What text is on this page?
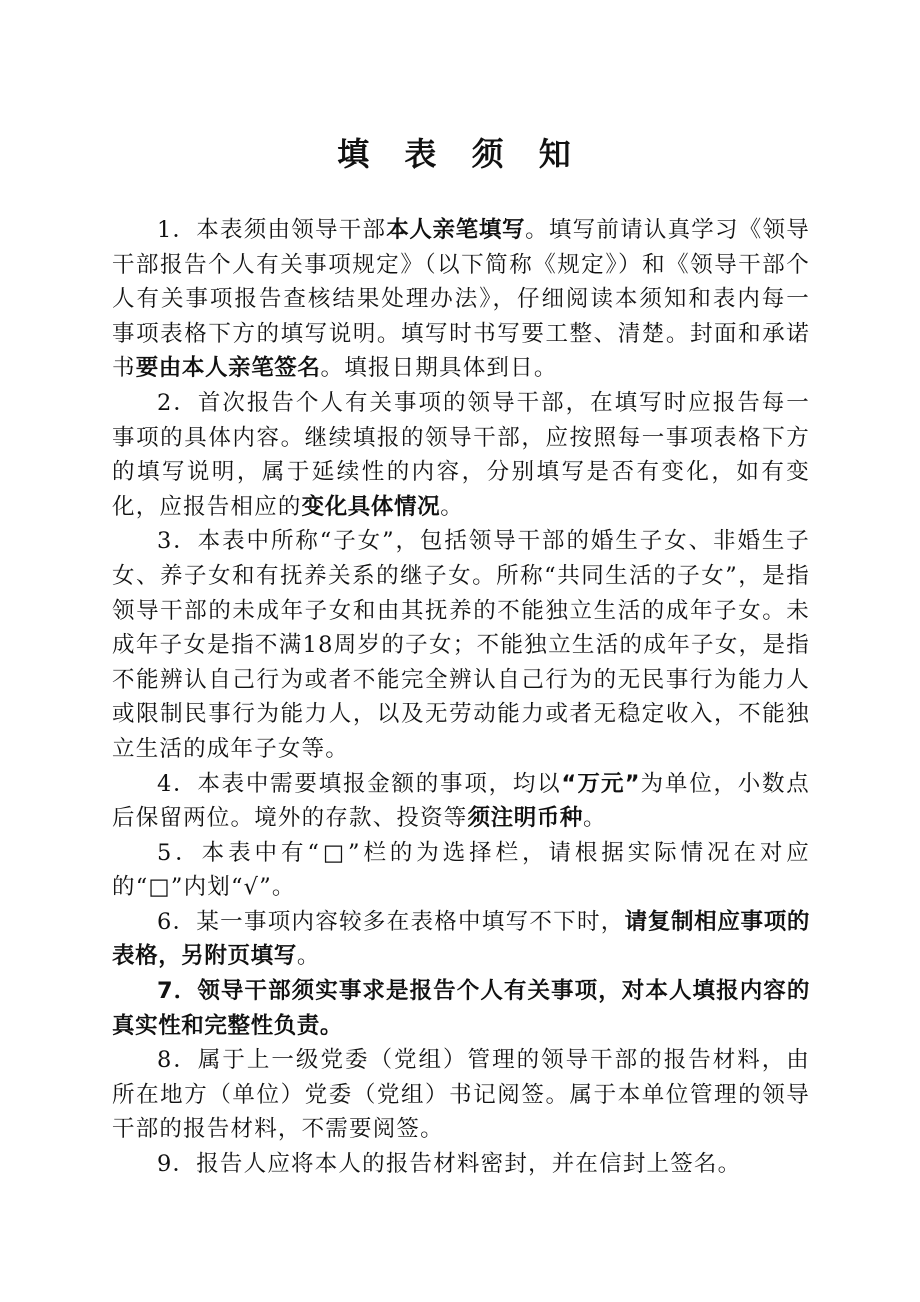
填 表 须 知

1．本表须由领导干部本人亲笔填写。填写前请认真学习《领导干部报告个人有关事项规定》（以下简称《规定》）和《领导干部个人有关事项报告查核结果处理办法》，仔细阅读本须知和表内每一事项表格下方的填写说明。填写时书写要工整、清楚。封面和承诺书要由本人亲笔签名。填报日期具体到日。

2．首次报告个人有关事项的领导干部，在填写时应报告每一事项的具体内容。继续填报的领导干部，应按照每一事项表格下方的填写说明，属于延续性的内容，分别填写是否有变化，如有变化，应报告相应的变化具体情况。

3．本表中所称“子女”，包括领导干部的婚生子女、非婚生子女、养子女和有抚养关系的继子女。所称“共同生活的子女”，是指领导干部的未成年子女和由其抚养的不能独立生活的成年子女。未成年子女是指不满18周岁的子女；不能独立生活的成年子女，是指不能辨认自己行为或者不能完全辨认自己行为的无民事行为能力人或限制民事行为能力人，以及无劳动能力或者无稳定收入，不能独立生活的成年子女等。

4．本表中需要填报金额的事项，均以“万元”为单位，小数点后保留两位。境外的存款、投资等须注明币种。

5．本表中有“□”栏的为选择栏，请根据实际情况在对应的“□”内划“√”。

6．某一事项内容较多在表格中填写不下时，请复制相应事项的表格，另附页填写。

7．领导干部须实事求是报告个人有关事项，对本人填报内容的真实性和完整性负责。

8．属于上一级党委（党组）管理的领导干部的报告材料，由所在地方（单位）党委（党组）书记阅签。属于本单位管理的领导干部的报告材料，不需要阅签。

9．报告人应将本人的报告材料密封，并在信封上签名。
